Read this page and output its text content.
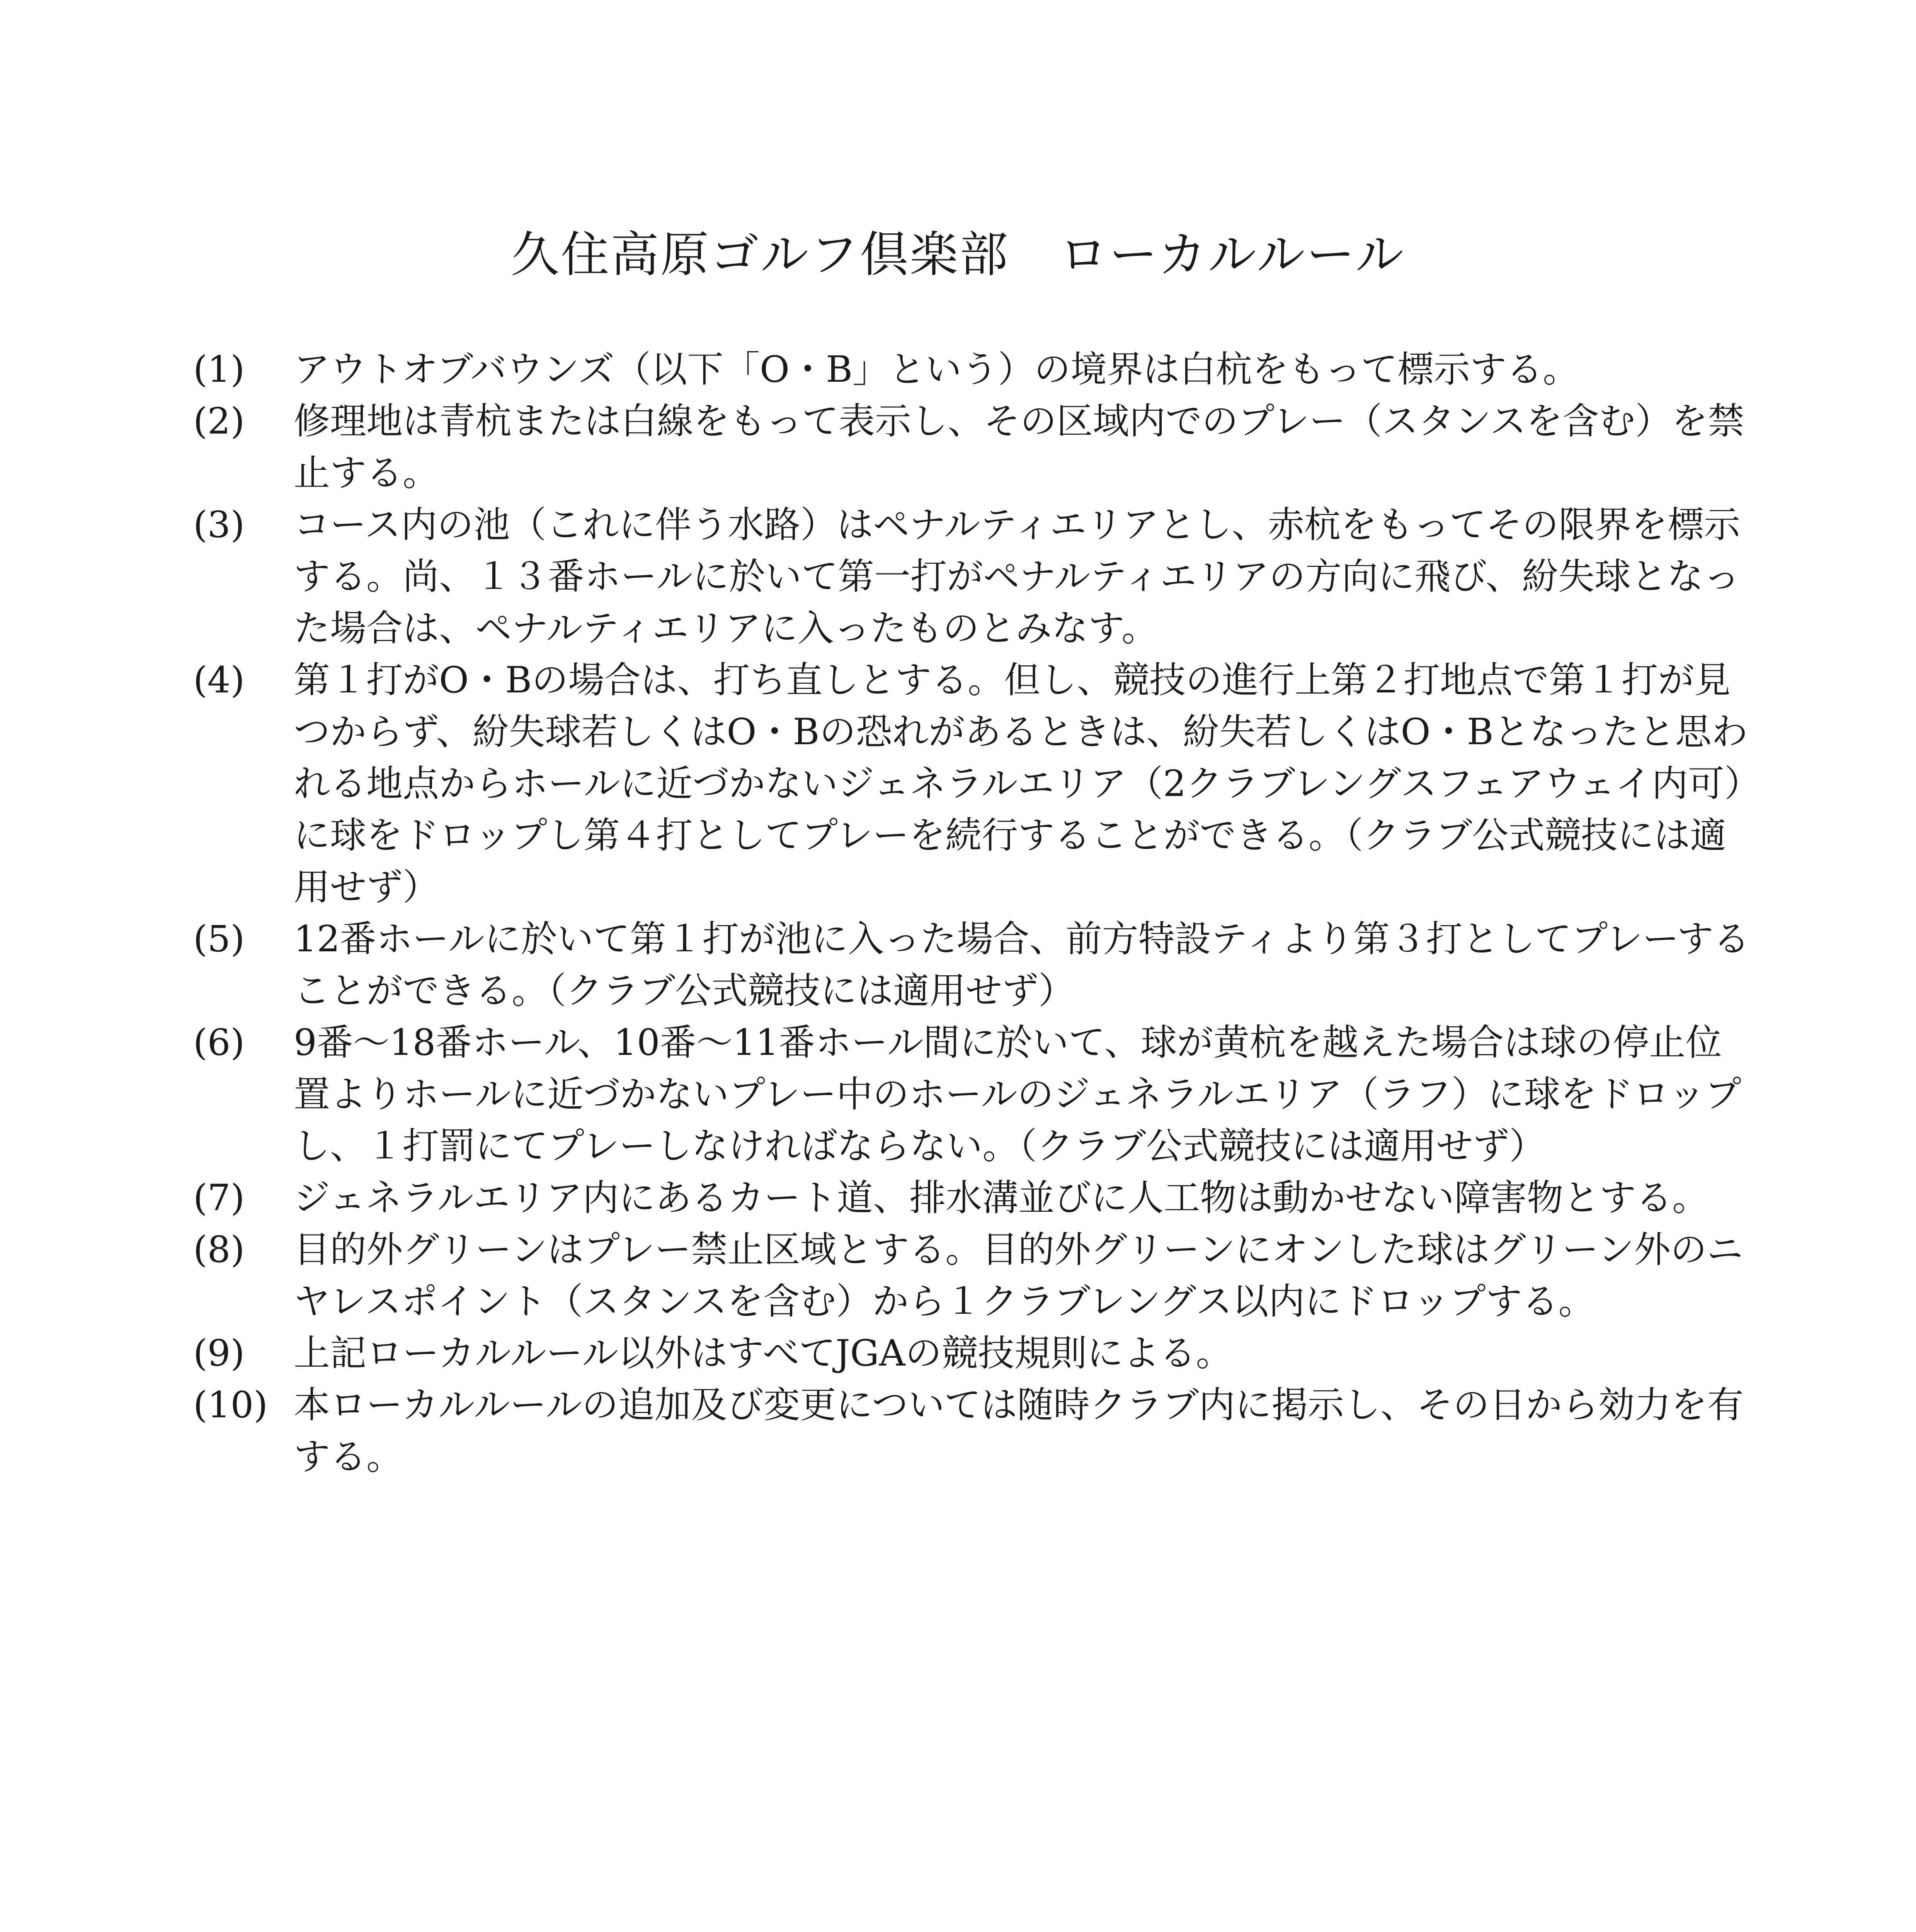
久住高原ゴルフ倶楽部　ローカルルール
(1)	アウトオブバウンズ（以下「O・B」という）の境界は白杭をもって標示する。
(2)	修理地は青杭または白線をもって表示し、その区域内でのプレー（スタンスを含む）を禁止する。
(3)	コース内の池（これに伴う水路）はペナルティエリアとし、赤杭をもってその限界を標示する。尚、１３番ホールに於いて第一打がペナルティエリアの方向に飛び、紛失球となった場合は、ペナルティエリアに入ったものとみなす。
(4)	第１打がO・Bの場合は、打ち直しとする。但し、競技の進行上第２打地点で第１打が見つからず、紛失球若しくはO・Bの恐れがあるときは、紛失若しくはO・Bとなったと思われる地点からホールに近づかないジェネラルエリア（2クラブレングスフェアウェイ内可）に球をドロップし第４打としてプレーを続行することができる。（クラブ公式競技には適用せず）
(5)	12番ホールに於いて第１打が池に入った場合、前方特設ティより第３打としてプレーすることができる。（クラブ公式競技には適用せず）
(6)	9番～18番ホール、10番～11番ホール間に於いて、球が黄杭を越えた場合は球の停止位置よりホールに近づかないプレー中のホールのジェネラルエリア（ラフ）に球をドロップし、１打罰にてプレーしなければならない。（クラブ公式競技には適用せず）
(7)	ジェネラルエリア内にあるカート道、排水溝並びに人工物は動かせない障害物とする。
(8)	目的外グリーンはプレー禁止区域とする。目的外グリーンにオンした球はグリーン外のニヤレスポイント（スタンスを含む）から１クラブレングス以内にドロップする。
(9)	上記ローカルルール以外はすべてJGAの競技規則による。
(10) 本ローカルルールの追加及び変更については随時クラブ内に掲示し、その日から効力を有する。
